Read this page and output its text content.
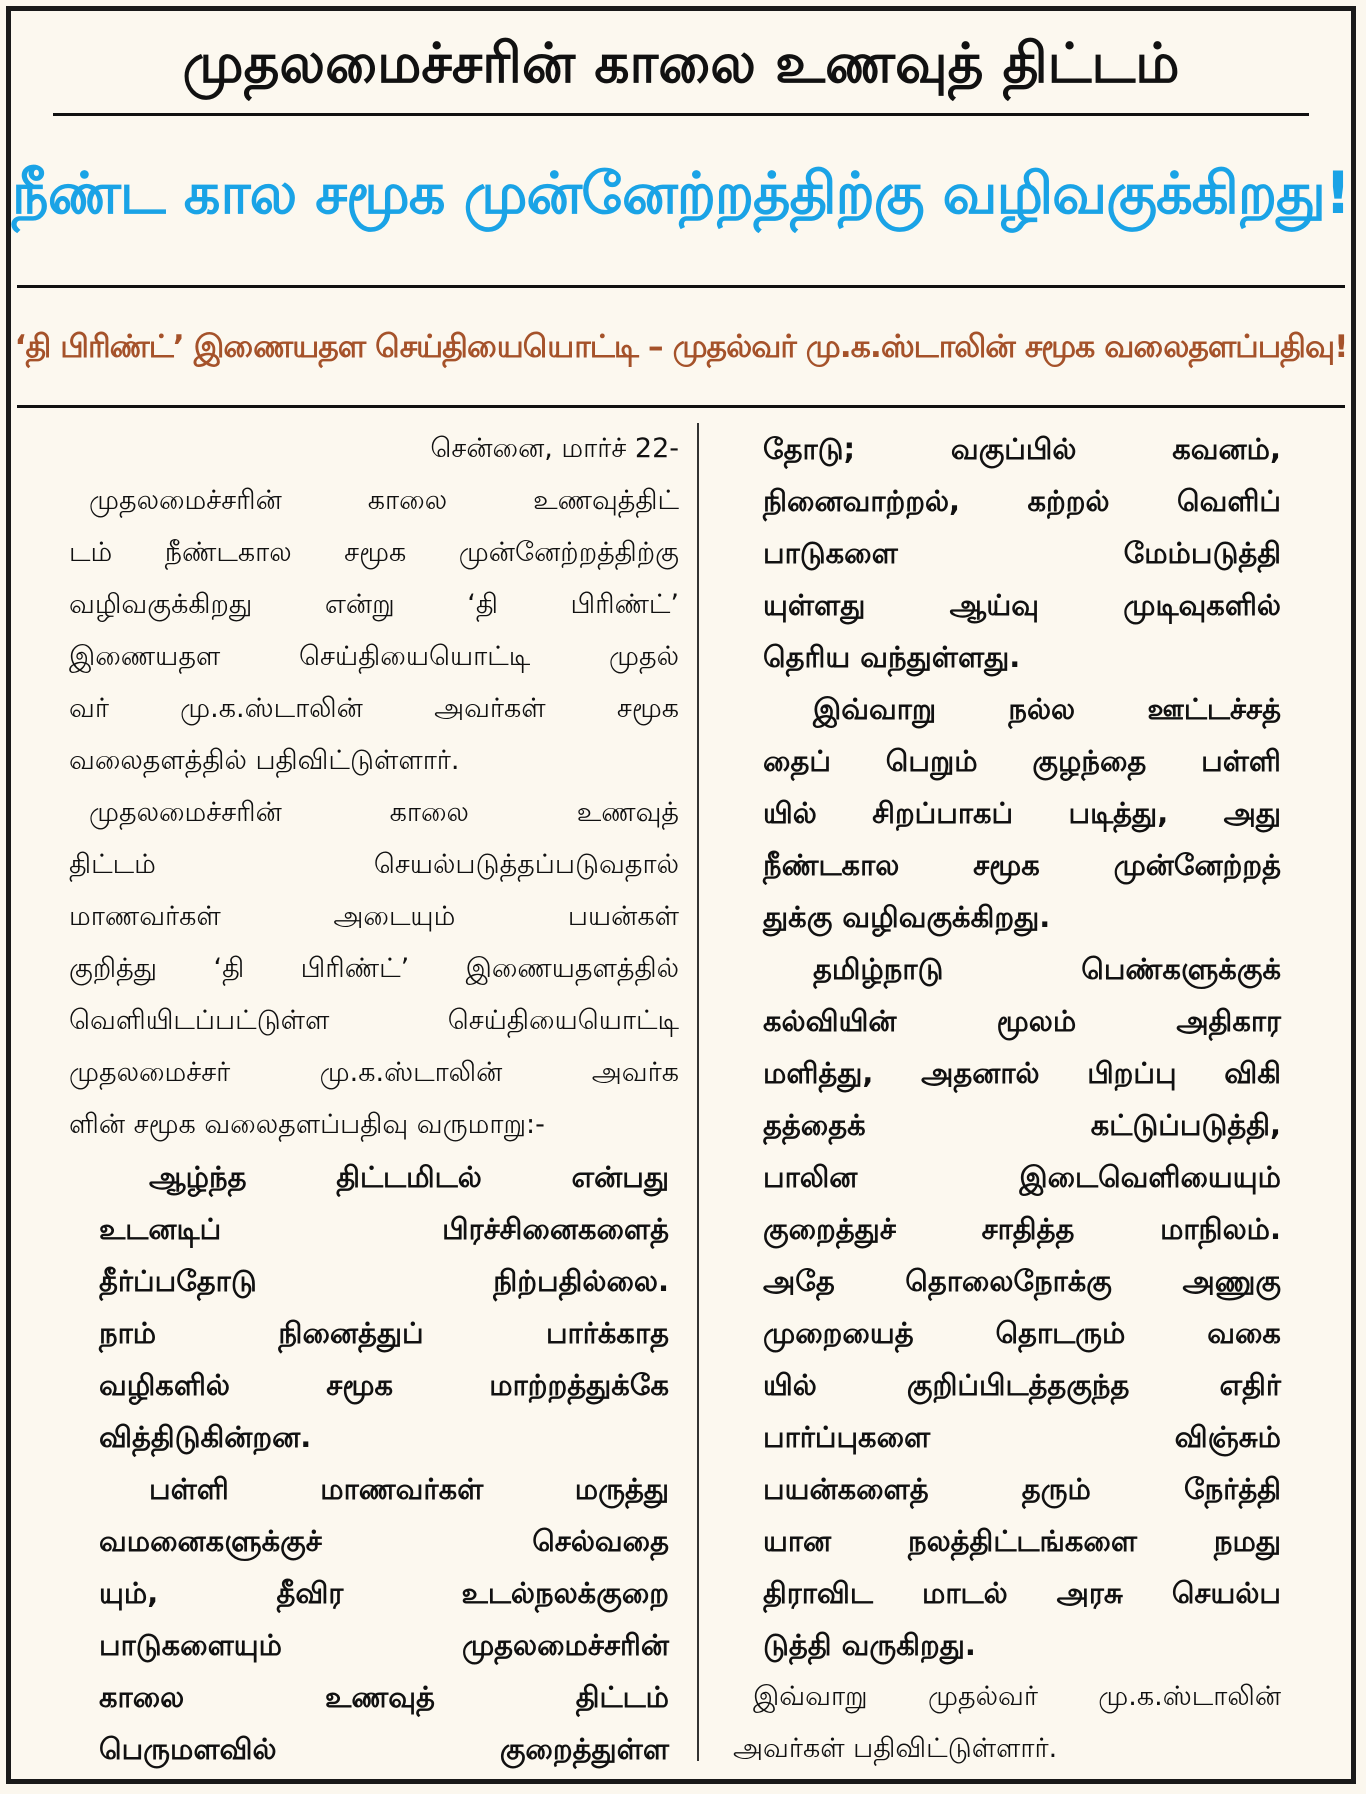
முதலமைச்சரின் காலை உணவுத் திட்டம்
நீண்ட கால சமூக முன்னேற்றத்திற்கு வழிவகுக்கிறது!
‘தி பிரிண்ட்’ இணையதள செய்தியையொட்டி – முதல்வர் மு.க.ஸ்டாலின் சமூக வலைதளப்பதிவு!
சென்னை, மார்ச் 22-
முதலமைச்சரின் காலை உணவுத்திட்
டம் நீண்டகால சமூக முன்னேற்றத்திற்கு
வழிவகுக்கிறது என்று ‘தி பிரிண்ட்’
இணையதள செய்தியையொட்டி முதல்
வர் மு.க.ஸ்டாலின் அவர்கள் சமூக
வலைதளத்தில் பதிவிட்டுள்ளார்.
முதலமைச்சரின் காலை உணவுத்
திட்டம் செயல்படுத்தப்படுவதால்
மாணவர்கள் அடையும் பயன்கள்
குறித்து ‘தி பிரிண்ட்’ இணையதளத்தில்
வெளியிடப்பட்டுள்ள செய்தியையொட்டி
முதலமைச்சர் மு.க.ஸ்டாலின் அவர்க
ளின் சமூக வலைதளப்பதிவு வருமாறு:-
ஆழ்ந்த திட்டமிடல் என்பது
உடனடிப் பிரச்சினைகளைத்
தீர்ப்பதோடு நிற்பதில்லை.
நாம் நினைத்துப் பார்க்காத
வழிகளில் சமூக மாற்றத்துக்கே
வித்திடுகின்றன.
பள்ளி மாணவர்கள் மருத்து
வமனைகளுக்குச் செல்வதை
யும், தீவிர உடல்நலக்குறை
பாடுகளையும் முதலமைச்சரின்
காலை உணவுத் திட்டம்
பெருமளவில் குறைத்துள்ள
தோடு; வகுப்பில் கவனம்,
நினைவாற்றல், கற்றல் வெளிப்
பாடுகளை மேம்படுத்தி
யுள்ளது ஆய்வு முடிவுகளில்
தெரிய வந்துள்ளது.
இவ்வாறு நல்ல ஊட்டச்சத்
தைப் பெறும் குழந்தை பள்ளி
யில் சிறப்பாகப் படித்து, அது
நீண்டகால சமூக முன்னேற்றத்
துக்கு வழிவகுக்கிறது.
தமிழ்நாடு பெண்களுக்குக்
கல்வியின் மூலம் அதிகார
மளித்து, அதனால் பிறப்பு விகி
தத்தைக் கட்டுப்படுத்தி,
பாலின இடைவெளியையும்
குறைத்துச் சாதித்த மாநிலம்.
அதே தொலைநோக்கு அணுகு
முறையைத் தொடரும் வகை
யில் குறிப்பிடத்தகுந்த எதிர்
பார்ப்புகளை விஞ்சும்
பயன்களைத் தரும் நேர்த்தி
யான நலத்திட்டங்களை நமது
திராவிட மாடல் அரசு செயல்ப
டுத்தி வருகிறது.
இவ்வாறு முதல்வர் மு.க.ஸ்டாலின்
அவர்கள் பதிவிட்டுள்ளார்.
